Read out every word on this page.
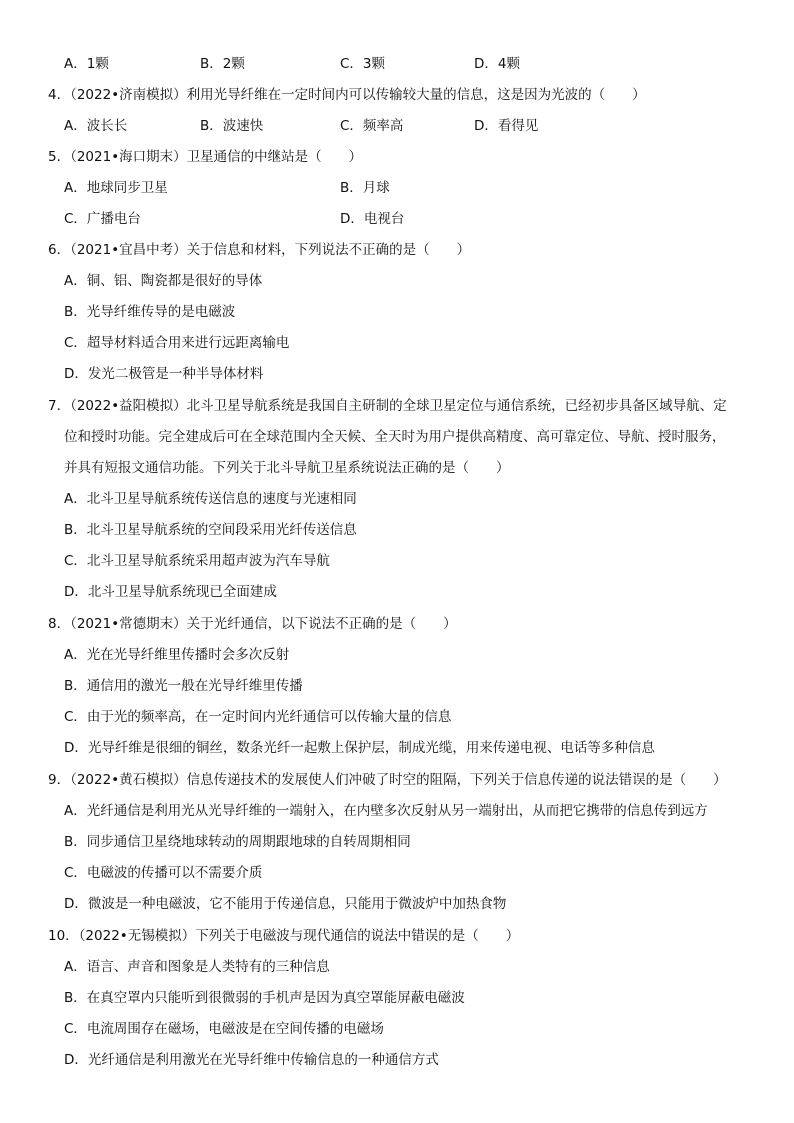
A．1颗	B．2颗	C．3颗	D．4颗
4．（2022•济南模拟）利用光导纤维在一定时间内可以传输较大量的信息，这是因为光波的（　　）
A．波长长	B．波速快	C．频率高	D．看得见
5．（2021•海口期末）卫星通信的中继站是（　　）
A．地球同步卫星	B．月球
C．广播电台	D．电视台
6．（2021•宜昌中考）关于信息和材料，下列说法不正确的是（　　）
A．铜、铝、陶瓷都是很好的导体
B．光导纤维传导的是电磁波
C．超导材料适合用来进行远距离输电
D．发光二极管是一种半导体材料
7．（2022•益阳模拟）北斗卫星导航系统是我国自主研制的全球卫星定位与通信系统，已经初步具备区域导航、定
位和授时功能。完全建成后可在全球范围内全天候、全天时为用户提供高精度、高可靠定位、导航、授时服务，
并具有短报文通信功能。下列关于北斗导航卫星系统说法正确的是（　　）
A．北斗卫星导航系统传送信息的速度与光速相同
B．北斗卫星导航系统的空间段采用光纤传送信息
C．北斗卫星导航系统采用超声波为汽车导航
D．北斗卫星导航系统现已全面建成
8．（2021•常德期末）关于光纤通信，以下说法不正确的是（　　）
A．光在光导纤维里传播时会多次反射
B．通信用的激光一般在光导纤维里传播
C．由于光的频率高，在一定时间内光纤通信可以传输大量的信息
D．光导纤维是很细的铜丝，数条光纤一起敷上保护层，制成光缆，用来传递电视、电话等多种信息
9．（2022•黄石模拟）信息传递技术的发展使人们冲破了时空的阻隔，下列关于信息传递的说法错误的是（　　）
A．光纤通信是利用光从光导纤维的一端射入，在内壁多次反射从另一端射出，从而把它携带的信息传到远方
B．同步通信卫星绕地球转动的周期跟地球的自转周期相同
C．电磁波的传播可以不需要介质
D．微波是一种电磁波，它不能用于传递信息，只能用于微波炉中加热食物
10．（2022•无锡模拟）下列关于电磁波与现代通信的说法中错误的是（　　）
A．语言、声音和图象是人类特有的三种信息
B．在真空罩内只能听到很微弱的手机声是因为真空罩能屏蔽电磁波
C．电流周围存在磁场，电磁波是在空间传播的电磁场
D．光纤通信是利用激光在光导纤维中传输信息的一种通信方式
